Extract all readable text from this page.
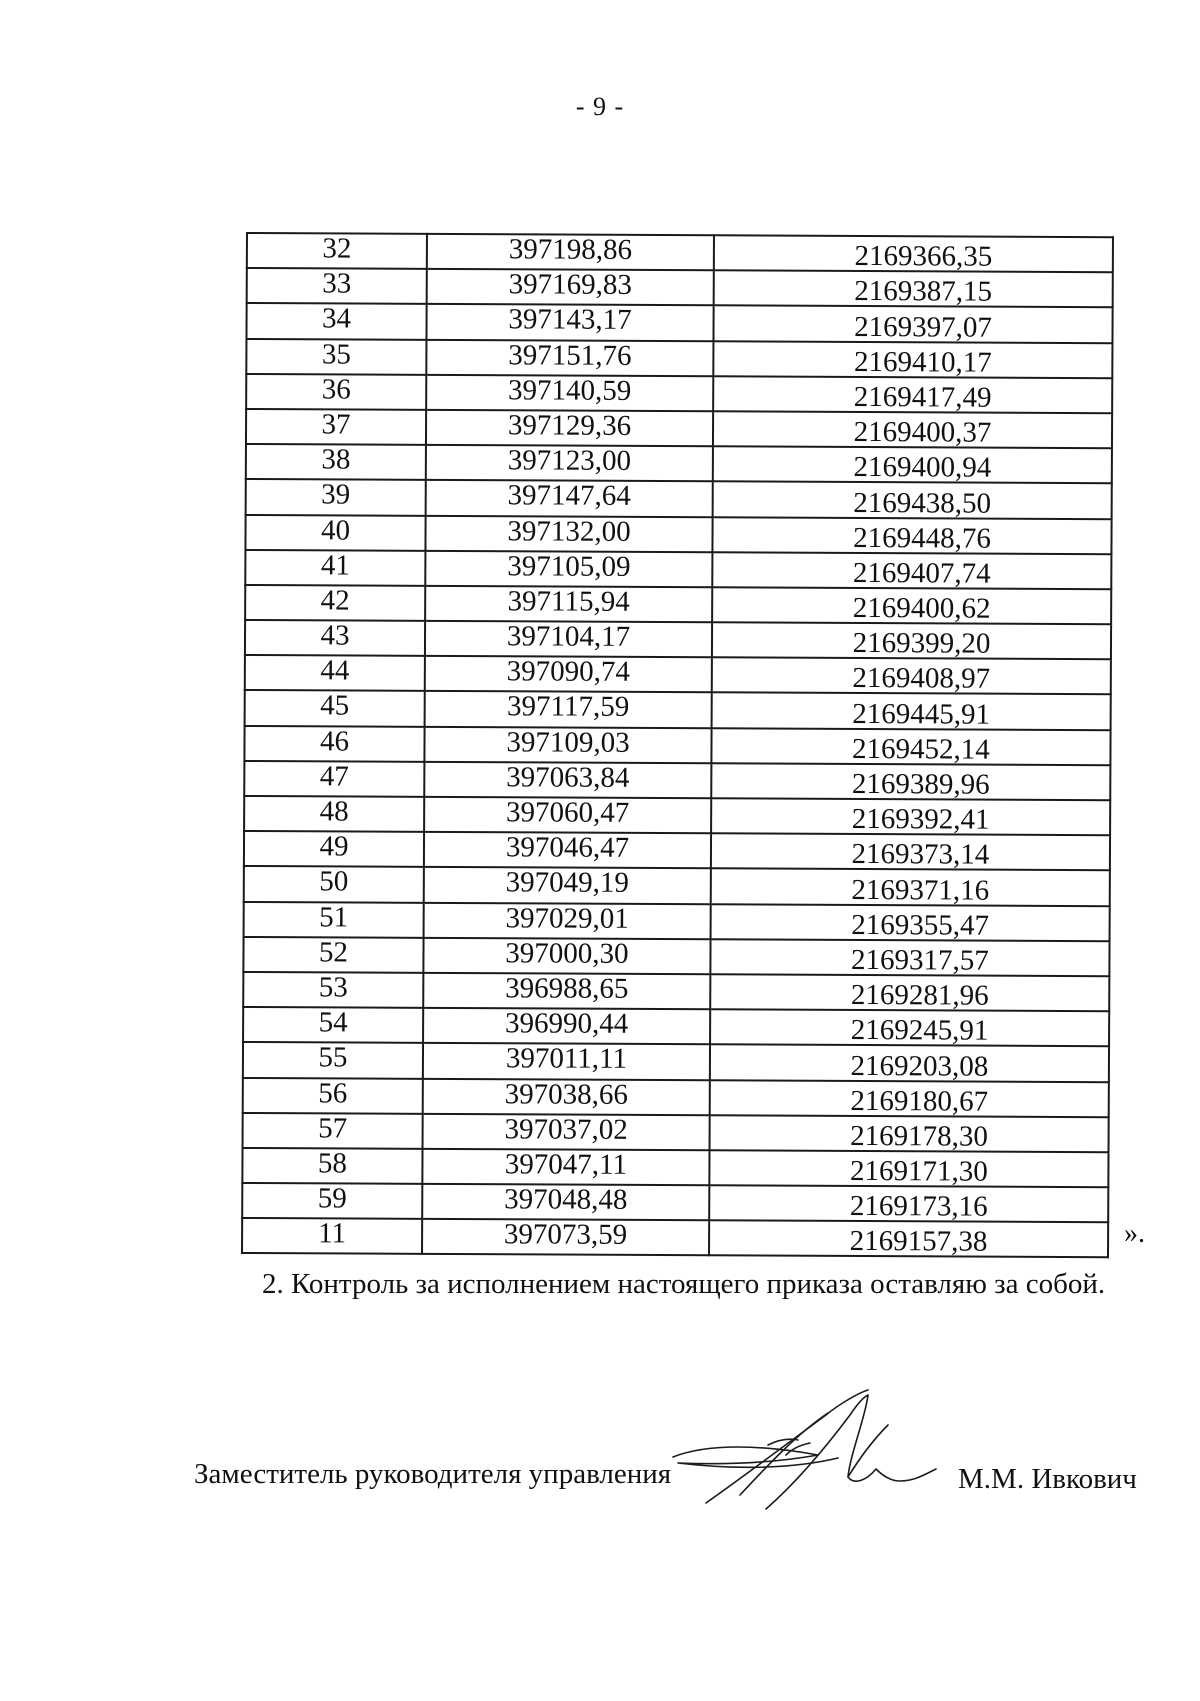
- 9 -
32	397198,86	2169366,35
33	397169,83	2169387,15
34	397143,17	2169397,07
35	397151,76	2169410,17
36	397140,59	2169417,49
37	397129,36	2169400,37
38	397123,00	2169400,94
39	397147,64	2169438,50
40	397132,00	2169448,76
41	397105,09	2169407,74
42	397115,94	2169400,62
43	397104,17	2169399,20
44	397090,74	2169408,97
45	397117,59	2169445,91
46	397109,03	2169452,14
47	397063,84	2169389,96
48	397060,47	2169392,41
49	397046,47	2169373,14
50	397049,19	2169371,16
51	397029,01	2169355,47
52	397000,30	2169317,57
53	396988,65	2169281,96
54	396990,44	2169245,91
55	397011,11	2169203,08
56	397038,66	2169180,67
57	397037,02	2169178,30
58	397047,11	2169171,30
59	397048,48	2169173,16
11	397073,59	2169157,38	».
2. Контроль за исполнением настоящего приказа оставляю за собой.
Заместитель руководителя управления	М.М. Ивкович
